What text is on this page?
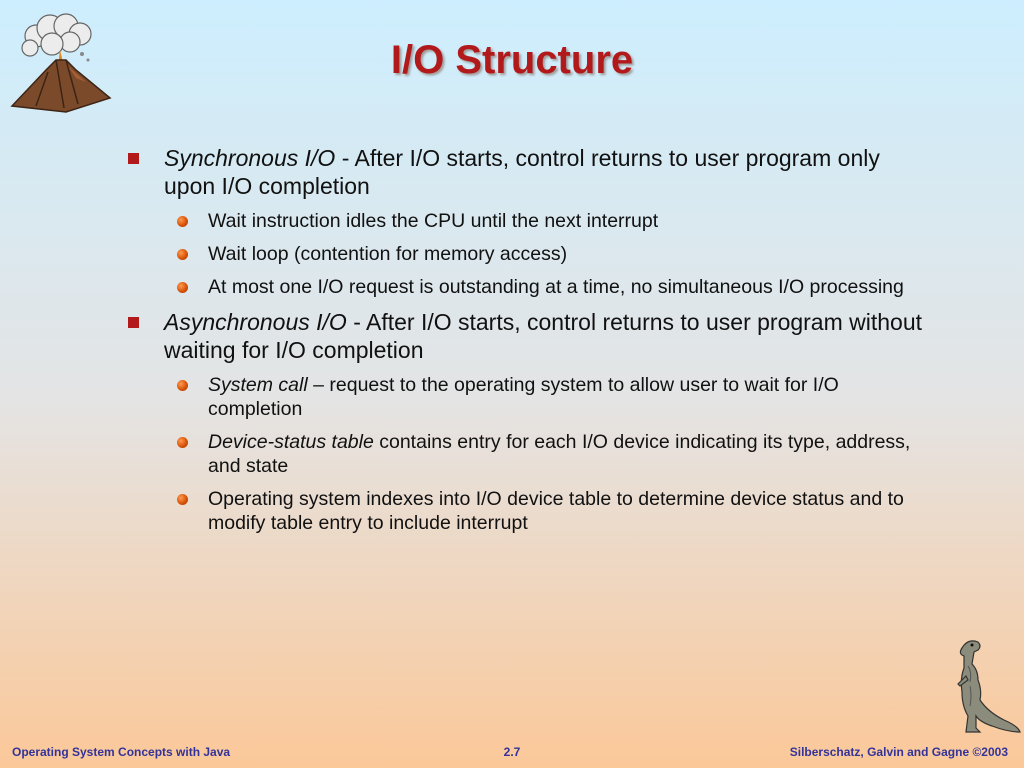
I/O Structure
Synchronous I/O - After I/O starts, control returns to user program only upon I/O completion
Wait instruction idles the CPU until the next interrupt
Wait loop (contention for memory access)
At most one I/O request is outstanding at a time, no simultaneous I/O processing
Asynchronous I/O - After I/O starts, control returns to user program without waiting for I/O completion
System call – request to the operating system to allow user to wait for I/O completion
Device-status table contains entry for each I/O device indicating its type, address, and state
Operating system indexes into I/O device table to determine device status and to modify table entry to include interrupt
Operating System Concepts with Java	2.7	Silberschatz, Galvin and Gagne ©2003
